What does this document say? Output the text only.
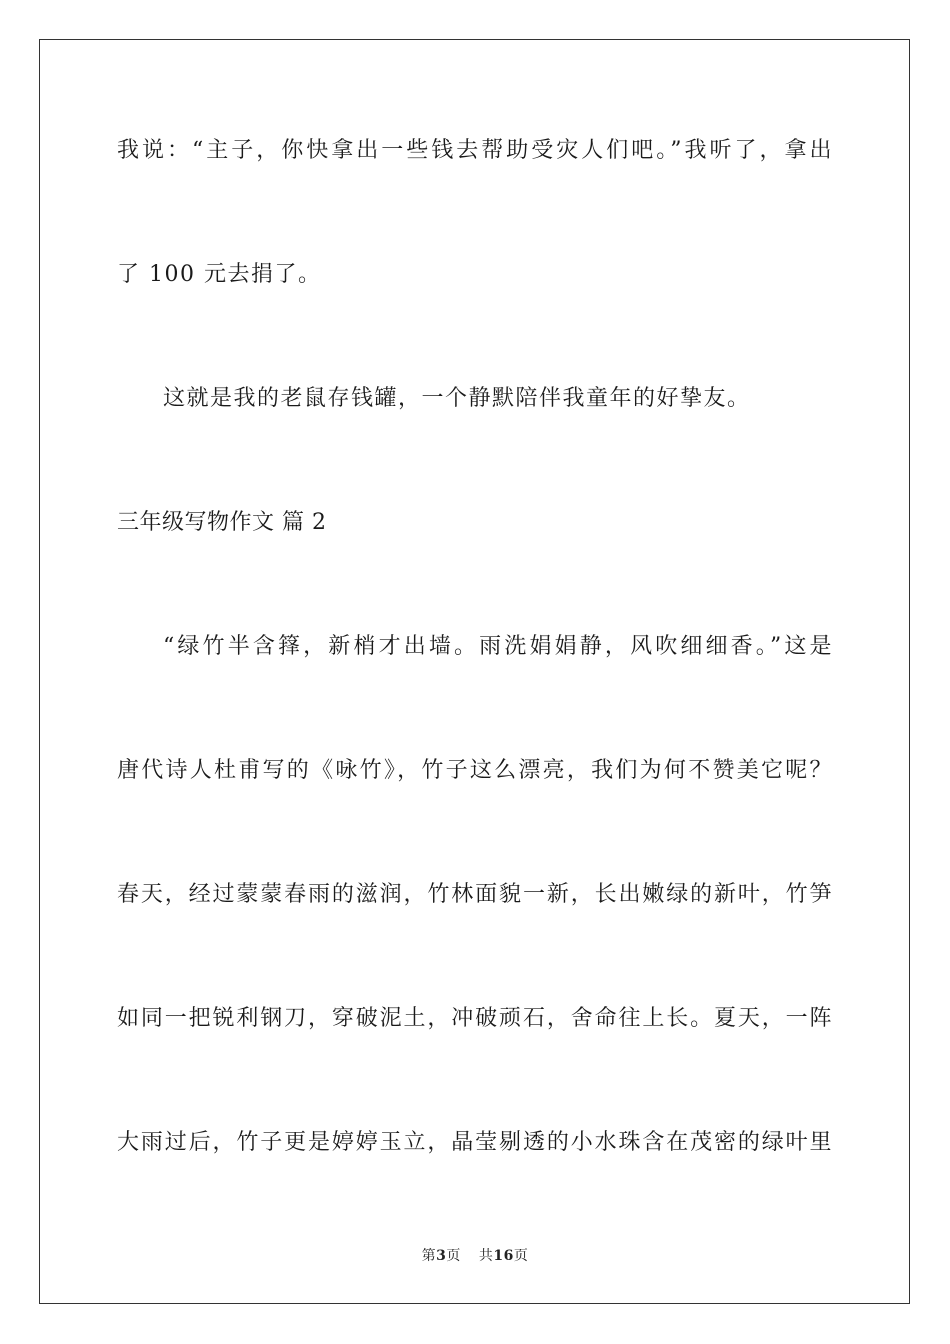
我说：“主子，你快拿出一些钱去帮助受灾人们吧。”我听了，拿出
了 100 元去捐了。
这就是我的老鼠存钱罐，一个静默陪伴我童年的好挚友。
三年级写物作文 篇 2
“绿竹半含箨，新梢才出墙。雨洗娟娟静，风吹细细香。”这是
唐代诗人杜甫写的《咏竹》，竹子这么漂亮，我们为何不赞美它呢？
春天，经过蒙蒙春雨的滋润，竹林面貌一新，长出嫩绿的新叶，竹笋
如同一把锐利钢刀，穿破泥土，冲破顽石，舍命往上长。夏天，一阵
大雨过后，竹子更是婷婷玉立，晶莹剔透的小水珠含在茂密的绿叶里
第3页 共16页
